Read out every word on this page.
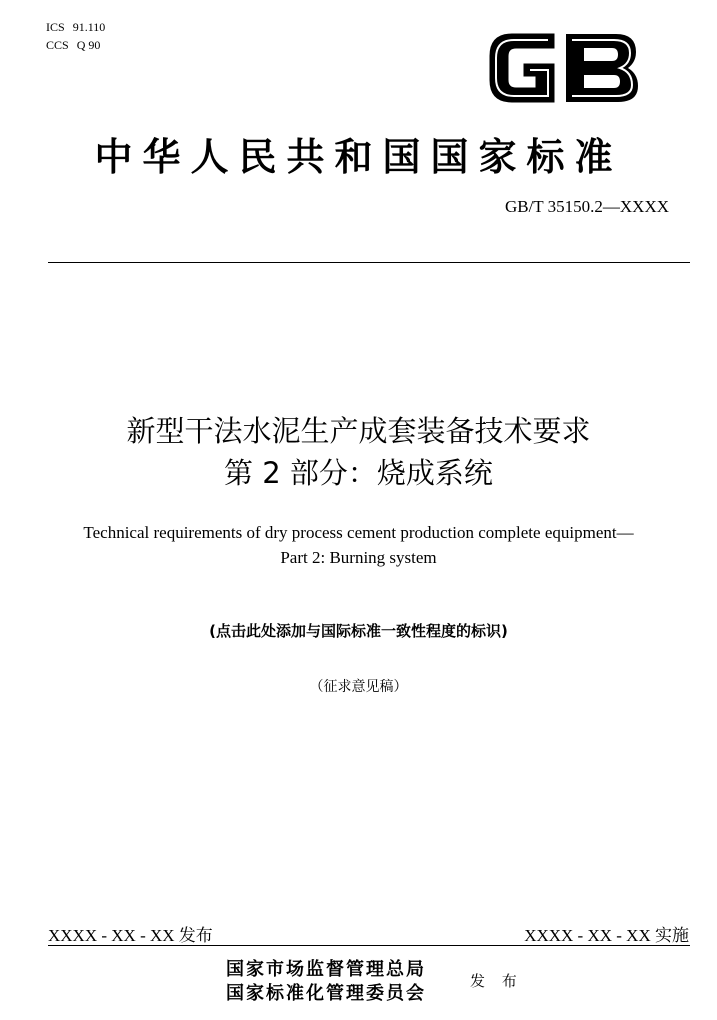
ICS 91.110
CCS Q 90
中华人民共和国国家标准
GB/T 35150.2—XXXX
新型干法水泥生产成套装备技术要求
第 2 部分：烧成系统
Technical requirements of dry process cement production complete equipment—
Part 2: Burning system
(点击此处添加与国际标准一致性程度的标识)
（征求意见稿）
XXXX - XX - XX 发布	XXXX - XX - XX 实施
国家市场监督管理总局
国家标准化管理委员会
发 布
